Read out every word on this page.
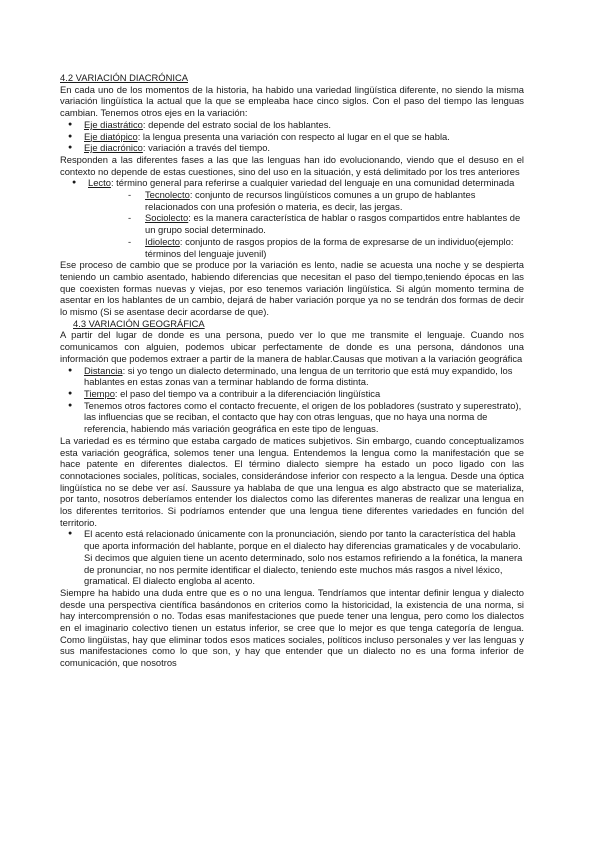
4.2 VARIACIÓN DIACRÓNICA

En cada uno de los momentos de la historia, ha habido una variedad lingüística diferente, no siendo la misma variación lingüística la actual que la que se empleaba hace cinco siglos. Con el paso del tiempo las lenguas cambian. Tenemos otros ejes en la variación:

● Eje diastrático: depende del estrato social de los hablantes.
● Eje diatópico: la lengua presenta una variación con respecto al lugar en el que se habla.
● Eje diacrónico: variación a través del tiempo.

Responden a las diferentes fases a las que las lenguas han ido evolucionando, viendo que el desuso en el contexto no depende de estas cuestiones, sino del uso en la situación, y está delimitado por los tres anteriores

● Lecto: término general para referirse a cualquier variedad del lenguaje en una comunidad determinada
- Tecnolecto: conjunto de recursos lingüísticos comunes a un grupo de hablantes relacionados con una profesión o materia, es decir, las jergas.
- Sociolecto: es la manera característica de hablar o rasgos compartidos entre hablantes de un grupo social determinado.
- Idiolecto: conjunto de rasgos propios de la forma de expresarse de un individuo(ejemplo: términos del lenguaje juvenil)

Ese proceso de cambio que se produce por la variación es lento, nadie se acuesta una noche y se despierta teniendo un cambio asentado, habiendo diferencias que necesitan el paso del tiempo,teniendo épocas en las que coexisten formas nuevas y viejas, por eso tenemos variación lingüística. Si algún momento termina de asentar en los hablantes de un cambio, dejará de haber variación porque ya no se tendrán dos formas de decir lo mismo (Si se asentase decir acordarse de que).

4.3 VARIACIÓN GEOGRÁFICA

A partir del lugar de donde es una persona, puedo ver lo que me transmite el lenguaje. Cuando nos comunicamos con alguien, podemos ubicar perfectamente de donde es una persona, dándonos una información que podemos extraer a partir de la manera de hablar.Causas que motivan a la variación geográfica

● Distancia: si yo tengo un dialecto determinado, una lengua de un territorio que está muy expandido, los hablantes en estas zonas van a terminar hablando de forma distinta.
● Tiempo: el paso del tiempo va a contribuir a la diferenciación lingüística
● Tenemos otros factores como el contacto frecuente, el origen de los pobladores (sustrato y superestrato), las influencias que se reciban, el contacto que hay con otras lenguas, que no haya una norma de referencia, habiendo más variación geográfica en este tipo de lenguas.

La variedad es es término que estaba cargado de matices subjetivos. Sin embargo, cuando conceptualizamos esta variación geográfica, solemos tener una lengua. Entendemos la lengua como la manifestación que se hace patente en diferentes dialectos. El término dialecto siempre ha estado un poco ligado con las connotaciones sociales, políticas, sociales, considerándose inferior con respecto a la lengua. Desde una óptica lingüística no se debe ver así. Saussure ya hablaba de que una lengua es algo abstracto que se materializa, por tanto, nosotros deberíamos entender los dialectos como las diferentes maneras de realizar una lengua en los diferentes territorios. Si podríamos entender que una lengua tiene diferentes variedades en función del territorio.

● El acento está relacionado únicamente con la pronunciación, siendo por tanto la característica del habla que aporta información del hablante, porque en el dialecto hay diferencias gramaticales y de vocabulario. Si decimos que alguien tiene un acento determinado, solo nos estamos refiriendo a la fonética, la manera de pronunciar, no nos permite identificar el dialecto, teniendo este muchos más rasgos a nivel léxico, gramatical. El dialecto engloba al acento.

Siempre ha habido una duda entre que es o no una lengua. Tendríamos que intentar definir lengua y dialecto desde una perspectiva científica basándonos en criterios como la historicidad, la existencia de una norma, si hay intercomprensión o no. Todas esas manifestaciones que puede tener una lengua, pero como los dialectos en el imaginario colectivo tienen un estatus inferior, se cree que lo mejor es que tenga categoría de lengua. Como lingüistas, hay que eliminar todos esos matices sociales, políticos incluso personales y ver las lenguas y sus manifestaciones como lo que son, y hay que entender que un dialecto no es una forma inferior de comunicación, que nosotros
